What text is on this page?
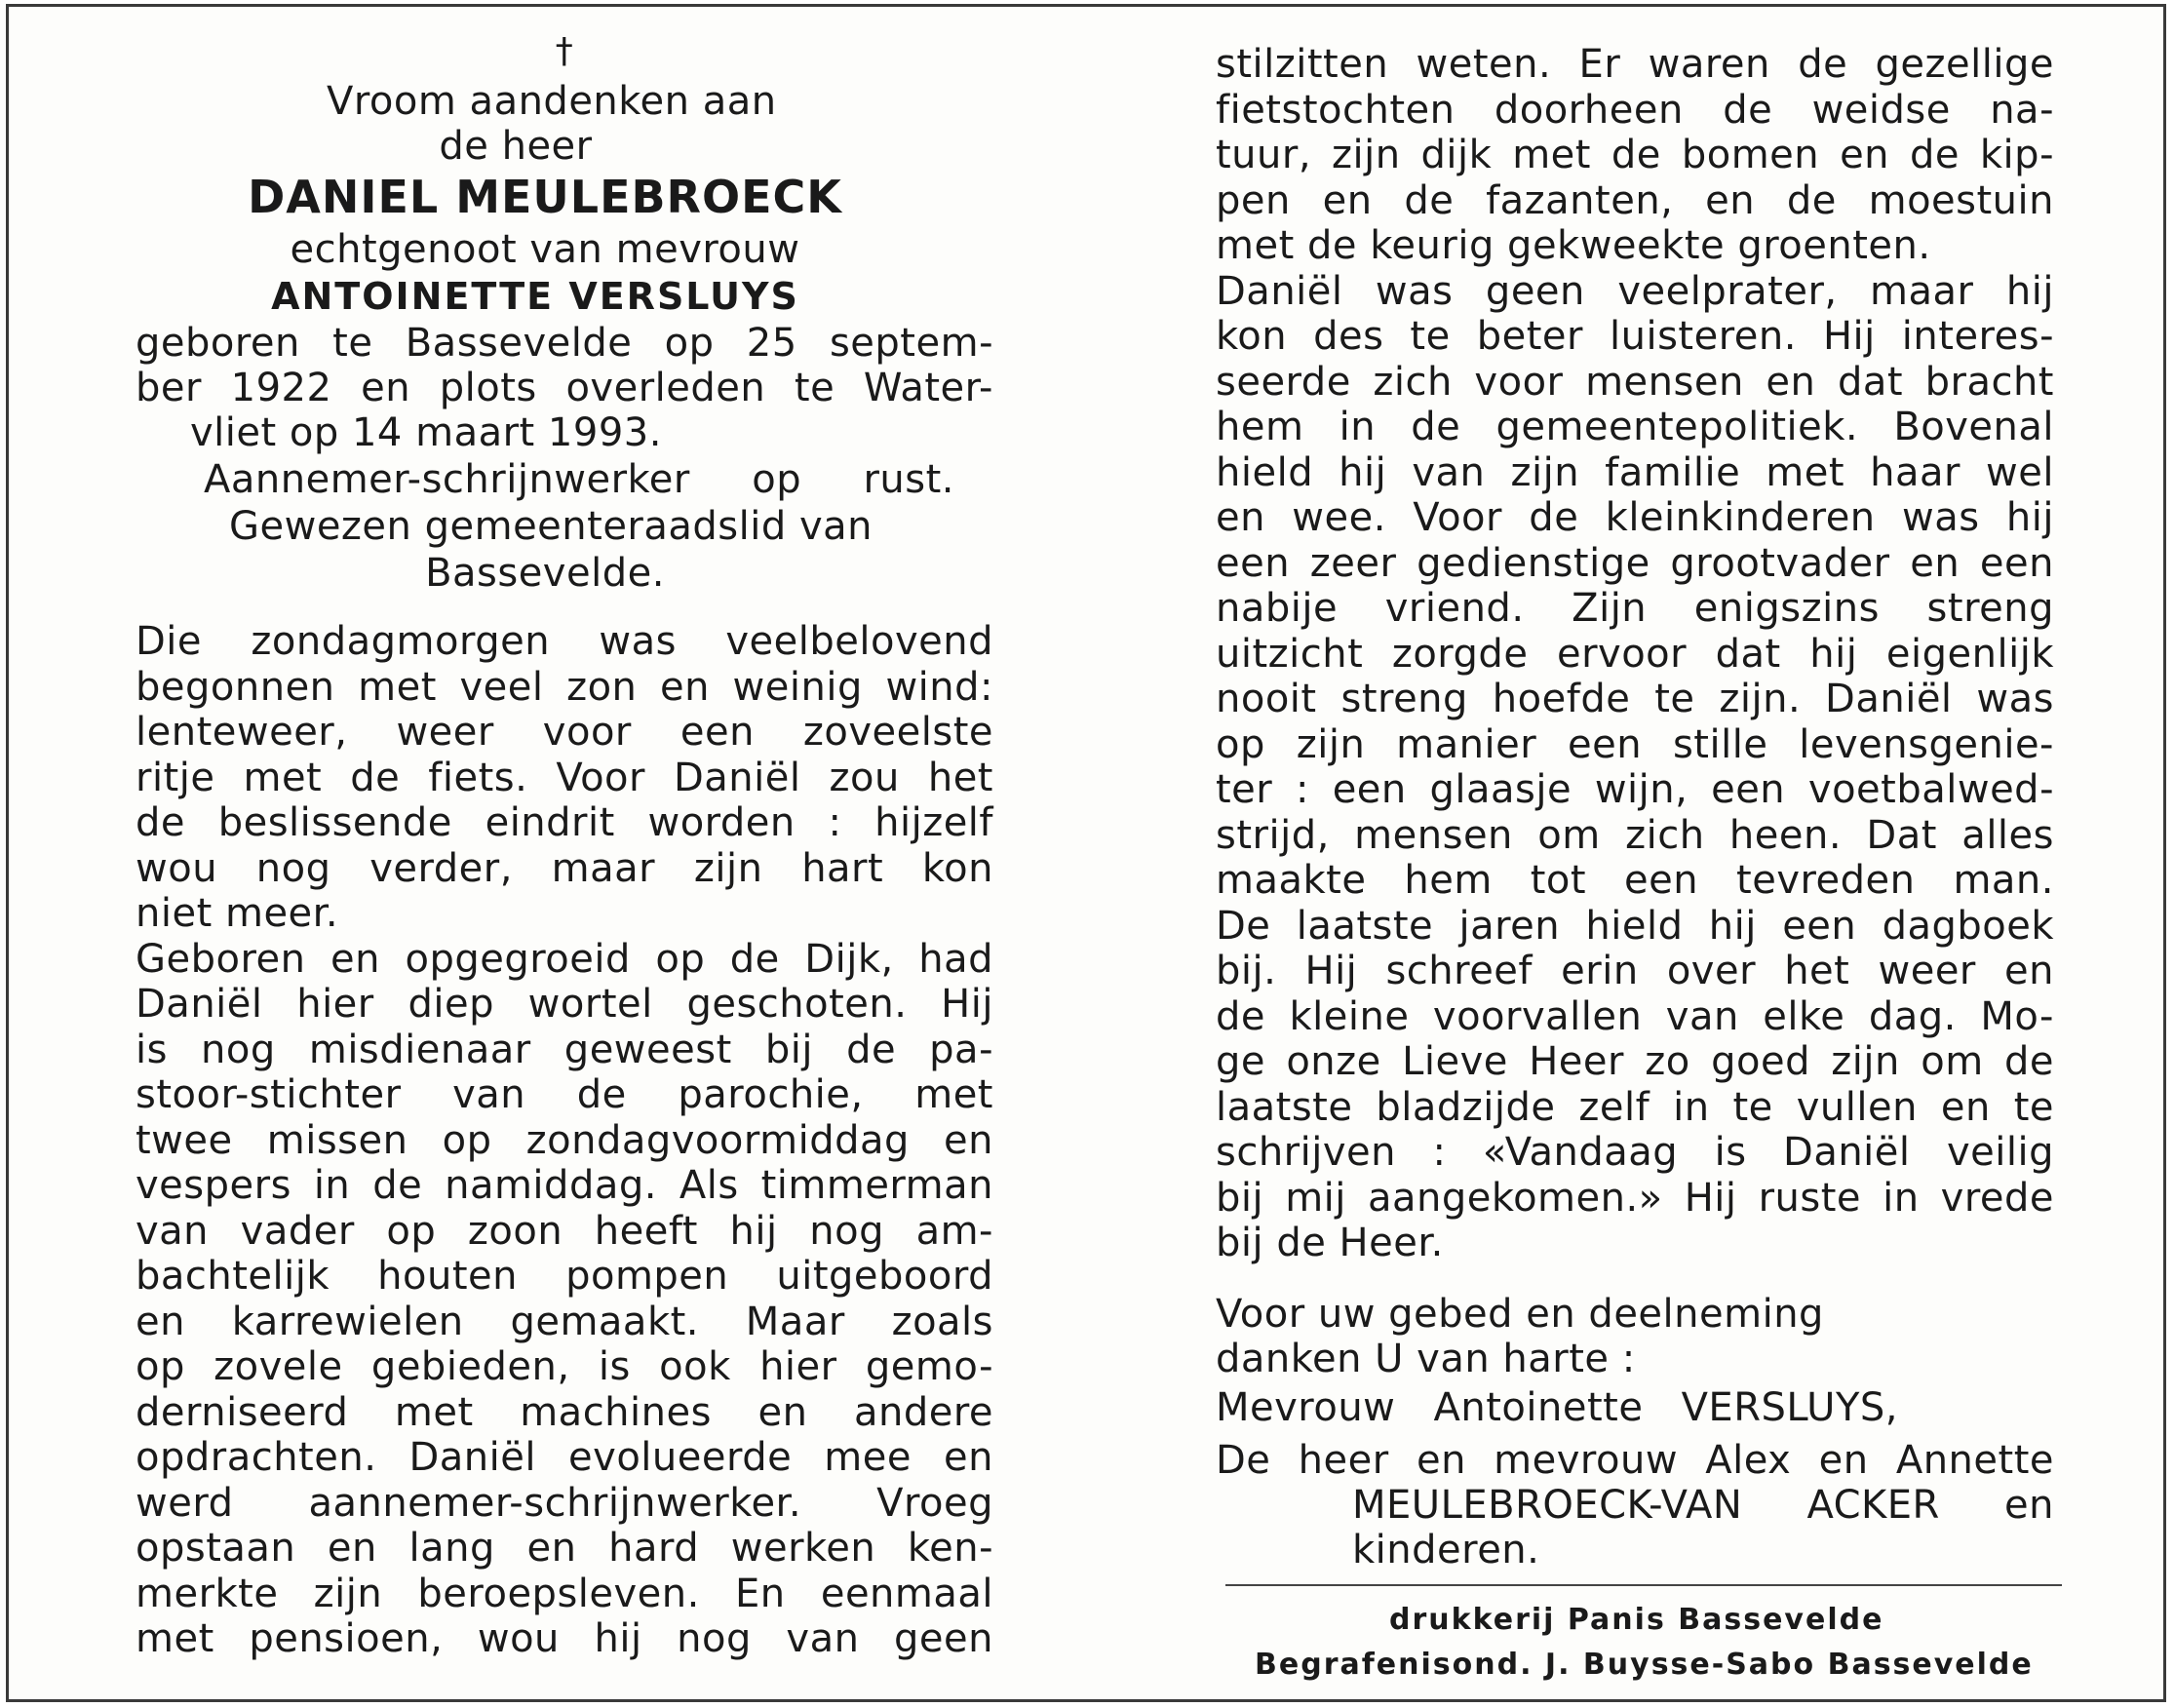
†
Vroom aandenken aan
de heer
DANIEL MEULEBROECK
echtgenoot van mevrouw
ANTOINETTE VERSLUYS
geboren te Bassevelde op 25 septem-
ber 1922 en plots overleden te Water-
vliet op 14 maart 1993.
Aannemer-schrijnwerker op rust.
Gewezen gemeenteraadslid van
Bassevelde.
Die zondagmorgen was veelbelovend
begonnen met veel zon en weinig wind:
lenteweer, weer voor een zoveelste
ritje met de fiets. Voor Daniël zou het
de beslissende eindrit worden : hijzelf
wou nog verder, maar zijn hart kon
niet meer.
Geboren en opgegroeid op de Dijk, had
Daniël hier diep wortel geschoten. Hij
is nog misdienaar geweest bij de pa-
stoor-stichter van de parochie, met
twee missen op zondagvoormiddag en
vespers in de namiddag. Als timmerman
van vader op zoon heeft hij nog am-
bachtelijk houten pompen uitgeboord
en karrewielen gemaakt. Maar zoals
op zovele gebieden, is ook hier gemo-
derniseerd met machines en andere
opdrachten. Daniël evolueerde mee en
werd aannemer-schrijnwerker. Vroeg
opstaan en lang en hard werken ken-
merkte zijn beroepsleven. En eenmaal
met pensioen, wou hij nog van geen
stilzitten weten. Er waren de gezellige
fietstochten doorheen de weidse na-
tuur, zijn dijk met de bomen en de kip-
pen en de fazanten, en de moestuin
met de keurig gekweekte groenten.
Daniël was geen veelprater, maar hij
kon des te beter luisteren. Hij interes-
seerde zich voor mensen en dat bracht
hem in de gemeentepolitiek. Bovenal
hield hij van zijn familie met haar wel
en wee. Voor de kleinkinderen was hij
een zeer gedienstige grootvader en een
nabije vriend. Zijn enigszins streng
uitzicht zorgde ervoor dat hij eigenlijk
nooit streng hoefde te zijn. Daniël was
op zijn manier een stille levensgenie-
ter : een glaasje wijn, een voetbalwed-
strijd, mensen om zich heen. Dat alles
maakte hem tot een tevreden man.
De laatste jaren hield hij een dagboek
bij. Hij schreef erin over het weer en
de kleine voorvallen van elke dag. Mo-
ge onze Lieve Heer zo goed zijn om de
laatste bladzijde zelf in te vullen en te
schrijven : «Vandaag is Daniël veilig
bij mij aangekomen.» Hij ruste in vrede
bij de Heer.
Voor uw gebed en deelneming
danken U van harte :
Mevrouw Antoinette VERSLUYS,
De heer en mevrouw Alex en Annette
MEULEBROECK-VAN ACKER en
kinderen.
drukkerij Panis Bassevelde
Begrafenisond. J. Buysse-Sabo Bassevelde
